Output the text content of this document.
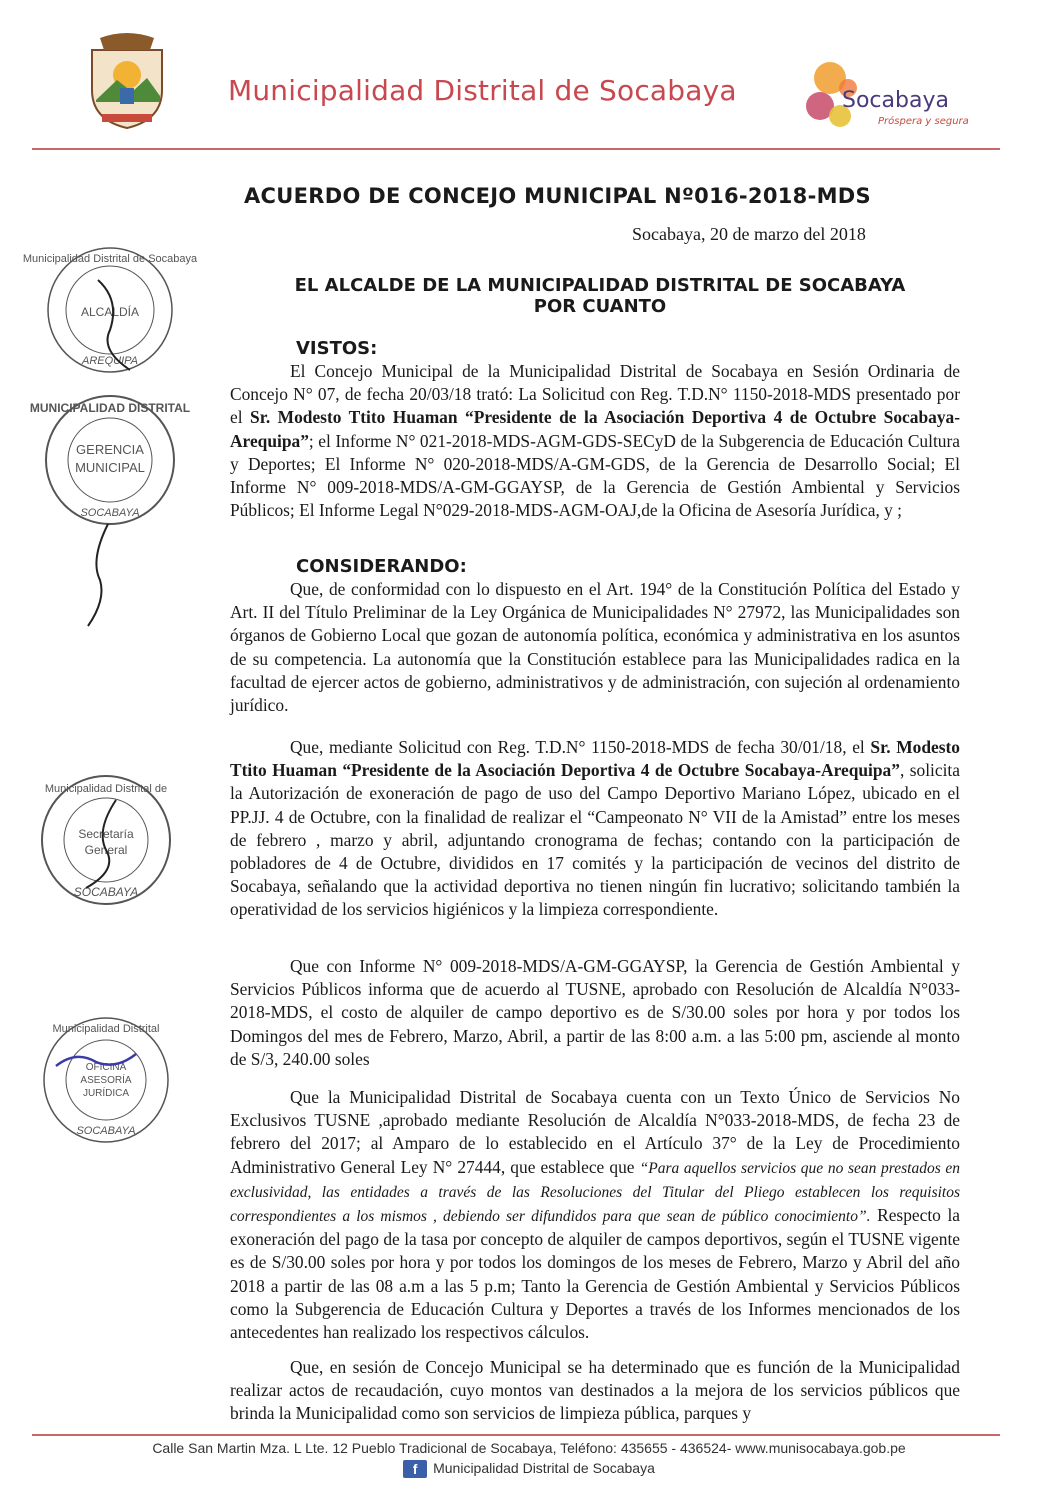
Municipalidad Distrital de Socabaya	Socabaya
Próspera y segura
ACUERDO DE CONCEJO MUNICIPAL Nº016-2018-MDS
Socabaya, 20 de marzo del 2018
EL ALCALDE DE LA MUNICIPALIDAD DISTRITAL DE SOCABAYA
POR CUANTO
VISTOS:

El Concejo Municipal de la Municipalidad Distrital de Socabaya en Sesión Ordinaria de Concejo N° 07, de fecha 20/03/18 trató: La Solicitud con Reg. T.D.N° 1150-2018-MDS presentado por el Sr. Modesto Ttito Huaman “Presidente de la Asociación Deportiva 4 de Octubre Socabaya-Arequipa”; el Informe N° 021-2018-MDS-AGM-GDS-SECyD de la Subgerencia de Educación Cultura y Deportes; El Informe N° 020-2018-MDS/A-GM-GDS, de la Gerencia de Desarrollo Social; El Informe N° 009-2018-MDS/A-GM-GGAYSP, de la Gerencia de Gestión Ambiental y Servicios Públicos; El Informe Legal N°029-2018-MDS-AGM-OAJ,de la Oficina de Asesoría Jurídica, y ;

CONSIDERANDO:

Que, de conformidad con lo dispuesto en el Art. 194° de la Constitución Política del Estado y Art. II del Título Preliminar de la Ley Orgánica de Municipalidades N° 27972, las Municipalidades son órganos de Gobierno Local que gozan de autonomía política, económica y administrativa en los asuntos de su competencia. La autonomía que la Constitución establece para las Municipalidades radica en la facultad de ejercer actos de gobierno, administrativos y de administración, con sujeción al ordenamiento jurídico.

Que, mediante Solicitud con Reg. T.D.N° 1150-2018-MDS de fecha 30/01/18, el Sr. Modesto Ttito Huaman “Presidente de la Asociación Deportiva 4 de Octubre Socabaya-Arequipa”, solicita la Autorización de exoneración de pago de uso del Campo Deportivo Mariano López, ubicado en el PP.JJ. 4 de Octubre, con la finalidad de realizar el “Campeonato N° VII de la Amistad” entre los meses de febrero , marzo y abril, adjuntando cronograma de fechas; contando con la participación de pobladores de 4 de Octubre, divididos en 17 comités y la participación de vecinos del distrito de Socabaya, señalando que la actividad deportiva no tienen ningún fin lucrativo; solicitando también la operatividad de los servicios higiénicos y la limpieza correspondiente.

Que con Informe N° 009-2018-MDS/A-GM-GGAYSP, la Gerencia de Gestión Ambiental y Servicios Públicos informa que de acuerdo al TUSNE, aprobado con Resolución de Alcaldía N°033-2018-MDS, el costo de alquiler de campo deportivo es de S/30.00 soles por hora y por todos los Domingos del mes de Febrero, Marzo, Abril, a partir de las 8:00 a.m. a las 5:00 pm, asciende al monto de S/3, 240.00 soles

Que la Municipalidad Distrital de Socabaya cuenta con un Texto Único de Servicios No Exclusivos TUSNE ,aprobado mediante Resolución de Alcaldía N°033-2018-MDS, de fecha 23 de febrero del 2017; al Amparo de lo establecido en el Artículo 37° de la Ley de Procedimiento Administrativo General Ley N° 27444, que establece que “Para aquellos servicios que no sean prestados en exclusividad, las entidades a través de las Resoluciones del Titular del Pliego establecen los requisitos correspondientes a los mismos , debiendo ser difundidos para que sean de público conocimiento”. Respecto la exoneración del pago de la tasa por concepto de alquiler de campos deportivos, según el TUSNE vigente es de S/30.00 soles por hora y por todos los domingos de los meses de Febrero, Marzo y Abril del año 2018 a partir de las 08 a.m a las 5 p.m; Tanto la Gerencia de Gestión Ambiental y Servicios Públicos como la Subgerencia de Educación Cultura y Deportes a través de los Informes mencionados de los antecedentes han realizado los respectivos cálculos.

Que, en sesión de Concejo Municipal se ha determinado que es función de la Municipalidad realizar actos de recaudación, cuyo montos van destinados a la mejora de los servicios públicos que brinda la Municipalidad como son servicios de limpieza pública, parques y

Municipalidad Distrital de Socabaya
ALCALDÍA
AREQUIPA
MUNICIPALIDAD DISTRITAL
GERENCIA
MUNICIPAL
SOCABAYA
Municipalidad Distrital de
Secretaría
General
SOCABAYA
Municipalidad Distrital
OFICINA
ASESORÍA
JURÍDICA
SOCABAYA
Calle San Martin Mza. L Lte. 12 Pueblo Tradicional de Socabaya, Teléfono: 435655 - 436524- www.munisocabaya.gob.pe
f Municipalidad Distrital de Socabaya
